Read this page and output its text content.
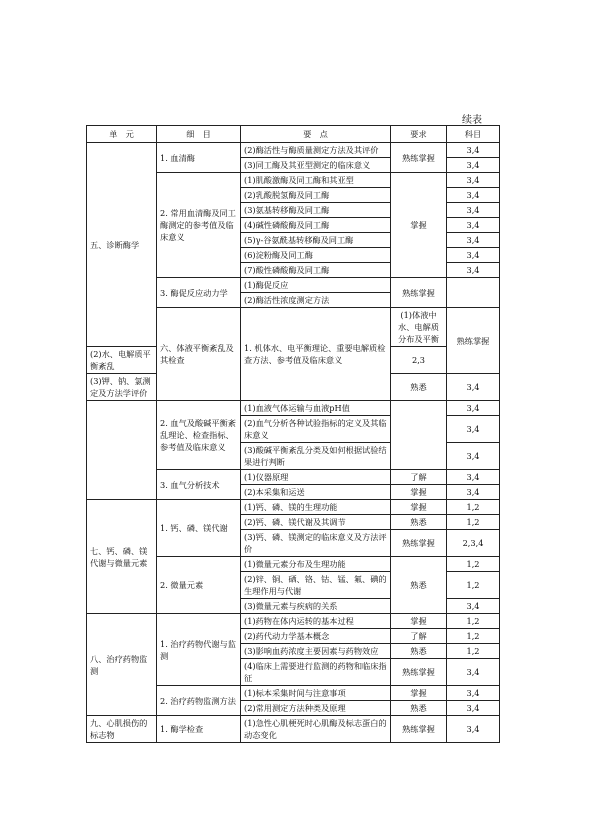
续表
单　元	细　目	要　点	要求	科目
五、诊断酶学	1. 血清酶	(2)酶活性与酶质量测定方法及其评价	熟练掌握	3,4
		(3)同工酶及其亚型测定的临床意义		3,4
	2. 常用血清酶及同工酶测定的参考值及临床意义	(1)肌酸激酶及同工酶和其亚型	掌握	3,4
		(2)乳酸脱氢酶及同工酶		3,4
		(3)氨基转移酶及同工酶		3,4
		(4)碱性磷酸酶及同工酶		3,4
		(5)γ-谷氨酰基转移酶及同工酶		3,4
		(6)淀粉酶及同工酶		3,4
		(7)酸性磷酸酶及同工酶		3,4
	3. 酶促反应动力学	(1)酶促反应	熟练掌握	
		(2)酶活性浓度测定方法		
	六、体液平衡紊乱及其检查	1. 机体水、电平衡理论、重要电解质检查方法、参考值及临床意义	(1)体液中水、电解质分布及平衡	熟练掌握
(2)水、电解质平衡紊乱			2,3	
(3)钾、钠、氯测定及方法学评价			熟悉	3,4
	2. 血气及酸碱平衡紊乱理论、检查指标、参考值及临床意义	(1)血液气体运输与血液pH值		3,4
		(2)血气分析各种试验指标的定义及其临床意义		3,4
		(3)酸碱平衡紊乱分类及如何根据试验结果进行判断		3,4
	3. 血气分析技术	(1)仪器原理	了解	3,4
		(2)本采集和运送	掌握	3,4
七、钙、磷、镁代谢与微量元素	1. 钙、磷、镁代谢	(1)钙、磷、镁的生理功能	掌握	1,2
		(2)钙、磷、镁代谢及其调节	熟悉	1,2
		(3)钙、磷、镁测定的临床意义及方法评价	熟练掌握	2,3,4
	2. 微量元素	(1)微量元素分布及生理功能	熟悉	1,2
		(2)锌、铜、硒、铬、钴、锰、氟、碘的生理作用与代谢		1,2
		(3)微量元素与疾病的关系		3,4
八、治疗药物监测	1. 治疗药物代谢与监测	(1)药物在体内运转的基本过程	掌握	1,2
		(2)药代动力学基本概念	了解	1,2
		(3)影响血药浓度主要因素与药物效应	熟悉	1,2
		(4)临床上需要进行监测的药物和临床指征	熟练掌握	3,4
	2. 治疗药物监测方法	(1)标本采集时间与注意事项	掌握	3,4
		(2)常用测定方法种类及原理	熟悉	3,4
九、心肌损伤的标志物	1. 酶学检查	(1)急性心肌梗死时心肌酶及标志蛋白的动态变化	熟练掌握	3,4
